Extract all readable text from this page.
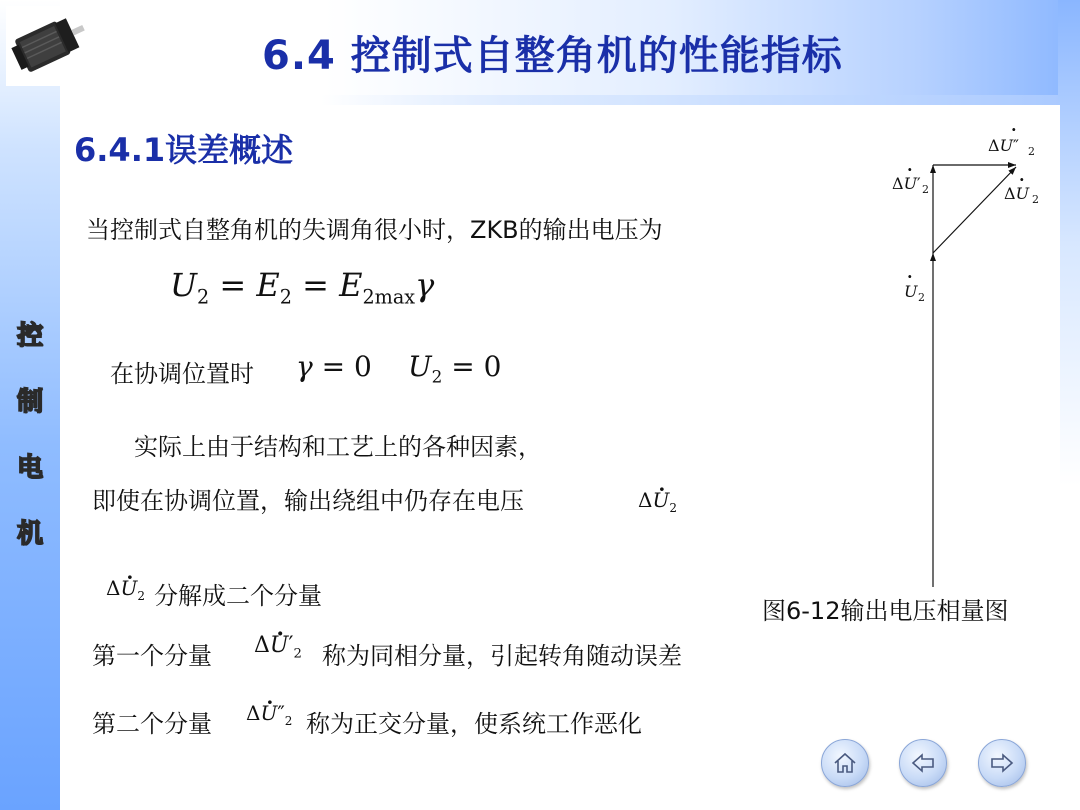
6.4 控制式自整角机的性能指标
控
制
电
机
6.4.1误差概述
当控制式自整角机的失调角很小时，ZKB的输出电压为
$U_2 = E_2 = E_{2max}\gamma$
在协调位置时 γ = 0 $U_2 = 0$
实际上由于结构和工艺上的各种因素，
即使在协调位置，输出绕组中仍存在电压	$\Delta\cdot U_2$
$\Delta\cdot U_2$ 分解成二个分量
第一个分量 $\Delta\cdot U'_2$ 称为同相分量，引起转角随动误差
第二个分量 $\Delta\cdot U''_2$ 称为正交分量，使系统工作恶化
ΔU″ 2
·
ΔU′ 2
·
ΔU 2
·
U 2
·
图6-12输出电压相量图
